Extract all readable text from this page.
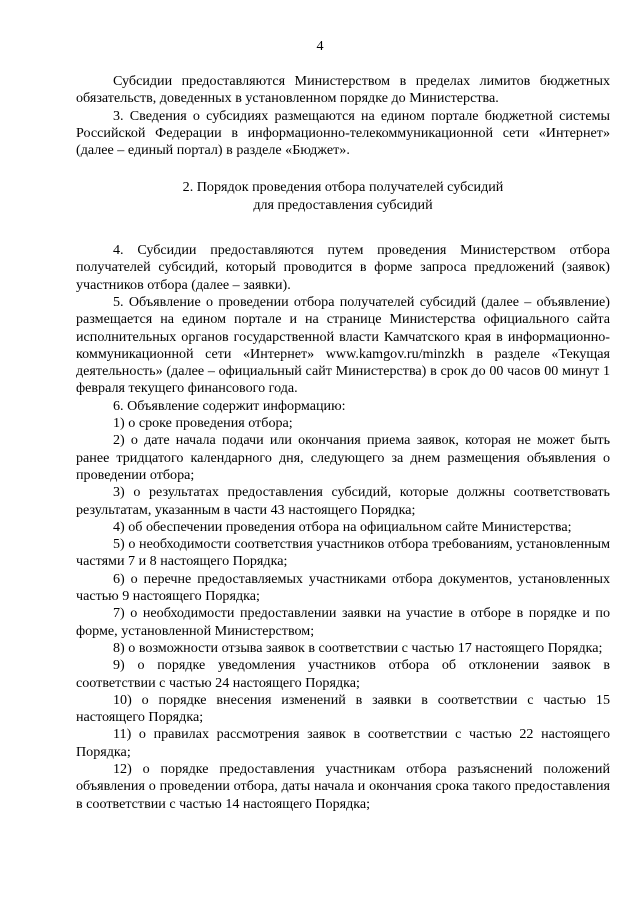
4

Субсидии предоставляются Министерством в пределах лимитов бюджетных обязательств, доведенных в установленном порядке до Министерства.

3. Сведения о субсидиях размещаются на едином портале бюджетной системы Российской Федерации в информационно-телекоммуникационной сети «Интернет» (далее – единый портал) в разделе «Бюджет».

2. Порядок проведения отбора получателей субсидий
для предоставления субсидий

4. Субсидии предоставляются путем проведения Министерством отбора получателей субсидий, который проводится в форме запроса предложений (заявок) участников отбора (далее – заявки).

5. Объявление о проведении отбора получателей субсидий (далее – объявление) размещается на едином портале и на странице Министерства официального сайта исполнительных органов государственной власти Камчатского края в информационно-коммуникационной сети «Интернет» www.kamgov.ru/minzkh в разделе «Текущая деятельность» (далее – официальный сайт Министерства) в срок до 00 часов 00 минут 1 февраля текущего финансового года.

6. Объявление содержит информацию:

1) о сроке проведения отбора;

2) о дате начала подачи или окончания приема заявок, которая не может быть ранее тридцатого календарного дня, следующего за днем размещения объявления о проведении отбора;

3) о результатах предоставления субсидий, которые должны соответствовать результатам, указанным в части 43 настоящего Порядка;

4) об обеспечении проведения отбора на официальном сайте Министерства;

5) о необходимости соответствия участников отбора требованиям, установленным частями 7 и 8 настоящего Порядка;

6) о перечне предоставляемых участниками отбора документов, установленных частью 9 настоящего Порядка;

7) о необходимости предоставлении заявки на участие в отборе в порядке и по форме, установленной Министерством;

8) о возможности отзыва заявок в соответствии с частью 17 настоящего Порядка;

9) о порядке уведомления участников отбора об отклонении заявок в соответствии с частью 24 настоящего Порядка;

10) о порядке внесения изменений в заявки в соответствии с частью 15 настоящего Порядка;

11) о правилах рассмотрения заявок в соответствии с частью 22 настоящего Порядка;

12) о порядке предоставления участникам отбора разъяснений положений объявления о проведении отбора, даты начала и окончания срока такого предоставления в соответствии с частью 14 настоящего Порядка;
